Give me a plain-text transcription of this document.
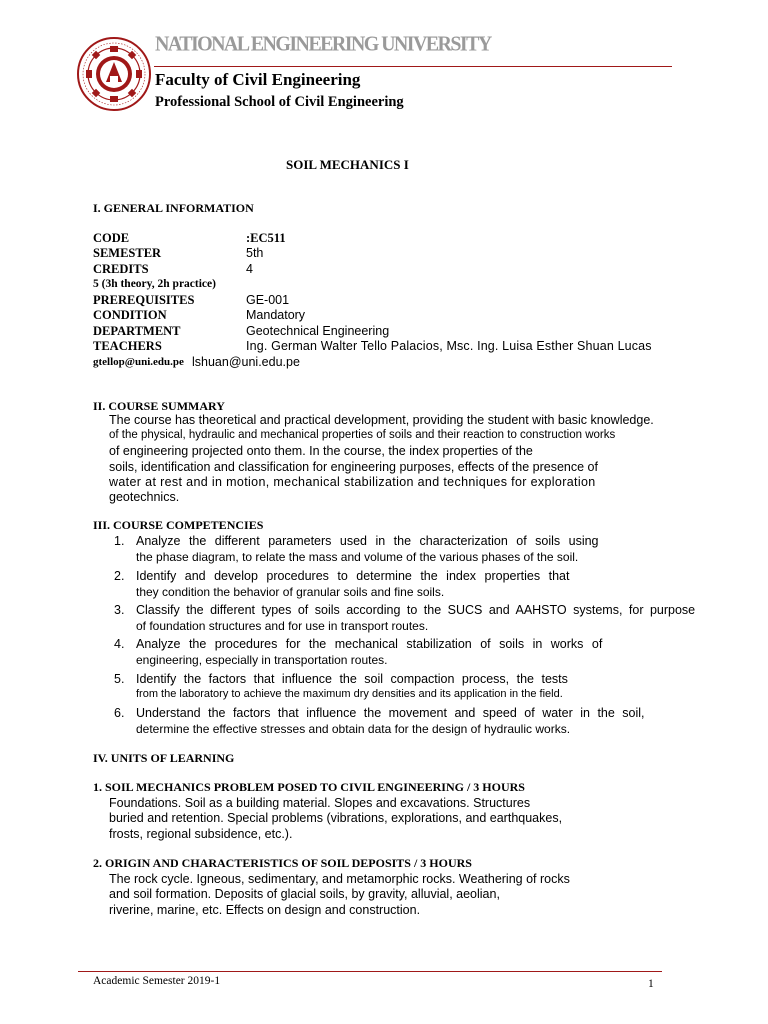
NATIONAL ENGINEERING UNIVERSITY
Faculty of Civil Engineering
Professional School of Civil Engineering
SOIL MECHANICS I
I. GENERAL INFORMATION
CODE	:EC511
SEMESTER	5th
CREDITS	4
5 (3h theory, 2h practice)
PREREQUISITES	GE-001
CONDITION	Mandatory
DEPARTMENT	Geotechnical Engineering
TEACHERS	Ing. German Walter Tello Palacios, Msc. Ing. Luisa Esther Shuan Lucas
gtellop@uni.edu.pe lshuan@uni.edu.pe
II. COURSE SUMMARY
The course has theoretical and practical development, providing the student with basic knowledge.
of the physical, hydraulic and mechanical properties of soils and their reaction to construction works
of engineering projected onto them. In the course, the index properties of the
soils, identification and classification for engineering purposes, effects of the presence of
water at rest and in motion, mechanical stabilization and techniques for exploration
geotechnics.
III. COURSE COMPETENCIES
1. Analyze the different parameters used in the characterization of soils using
the phase diagram, to relate the mass and volume of the various phases of the soil.
2. Identify and develop procedures to determine the index properties that
they condition the behavior of granular soils and fine soils.
3. Classify the different types of soils according to the SUCS and AAHSTO systems, for purpose
of foundation structures and for use in transport routes.
4. Analyze the procedures for the mechanical stabilization of soils in works of
engineering, especially in transportation routes.
5. Identify the factors that influence the soil compaction process, the tests
from the laboratory to achieve the maximum dry densities and its application in the field.
6. Understand the factors that influence the movement and speed of water in the soil,
determine the effective stresses and obtain data for the design of hydraulic works.
IV. UNITS OF LEARNING
1. SOIL MECHANICS PROBLEM POSED TO CIVIL ENGINEERING / 3 HOURS
Foundations. Soil as a building material. Slopes and excavations. Structures
buried and retention. Special problems (vibrations, explorations, and earthquakes,
frosts, regional subsidence, etc.).
2. ORIGIN AND CHARACTERISTICS OF SOIL DEPOSITS / 3 HOURS
The rock cycle. Igneous, sedimentary, and metamorphic rocks. Weathering of rocks
and soil formation. Deposits of glacial soils, by gravity, alluvial, aeolian,
riverine, marine, etc. Effects on design and construction.
Academic Semester 2019-1	1
